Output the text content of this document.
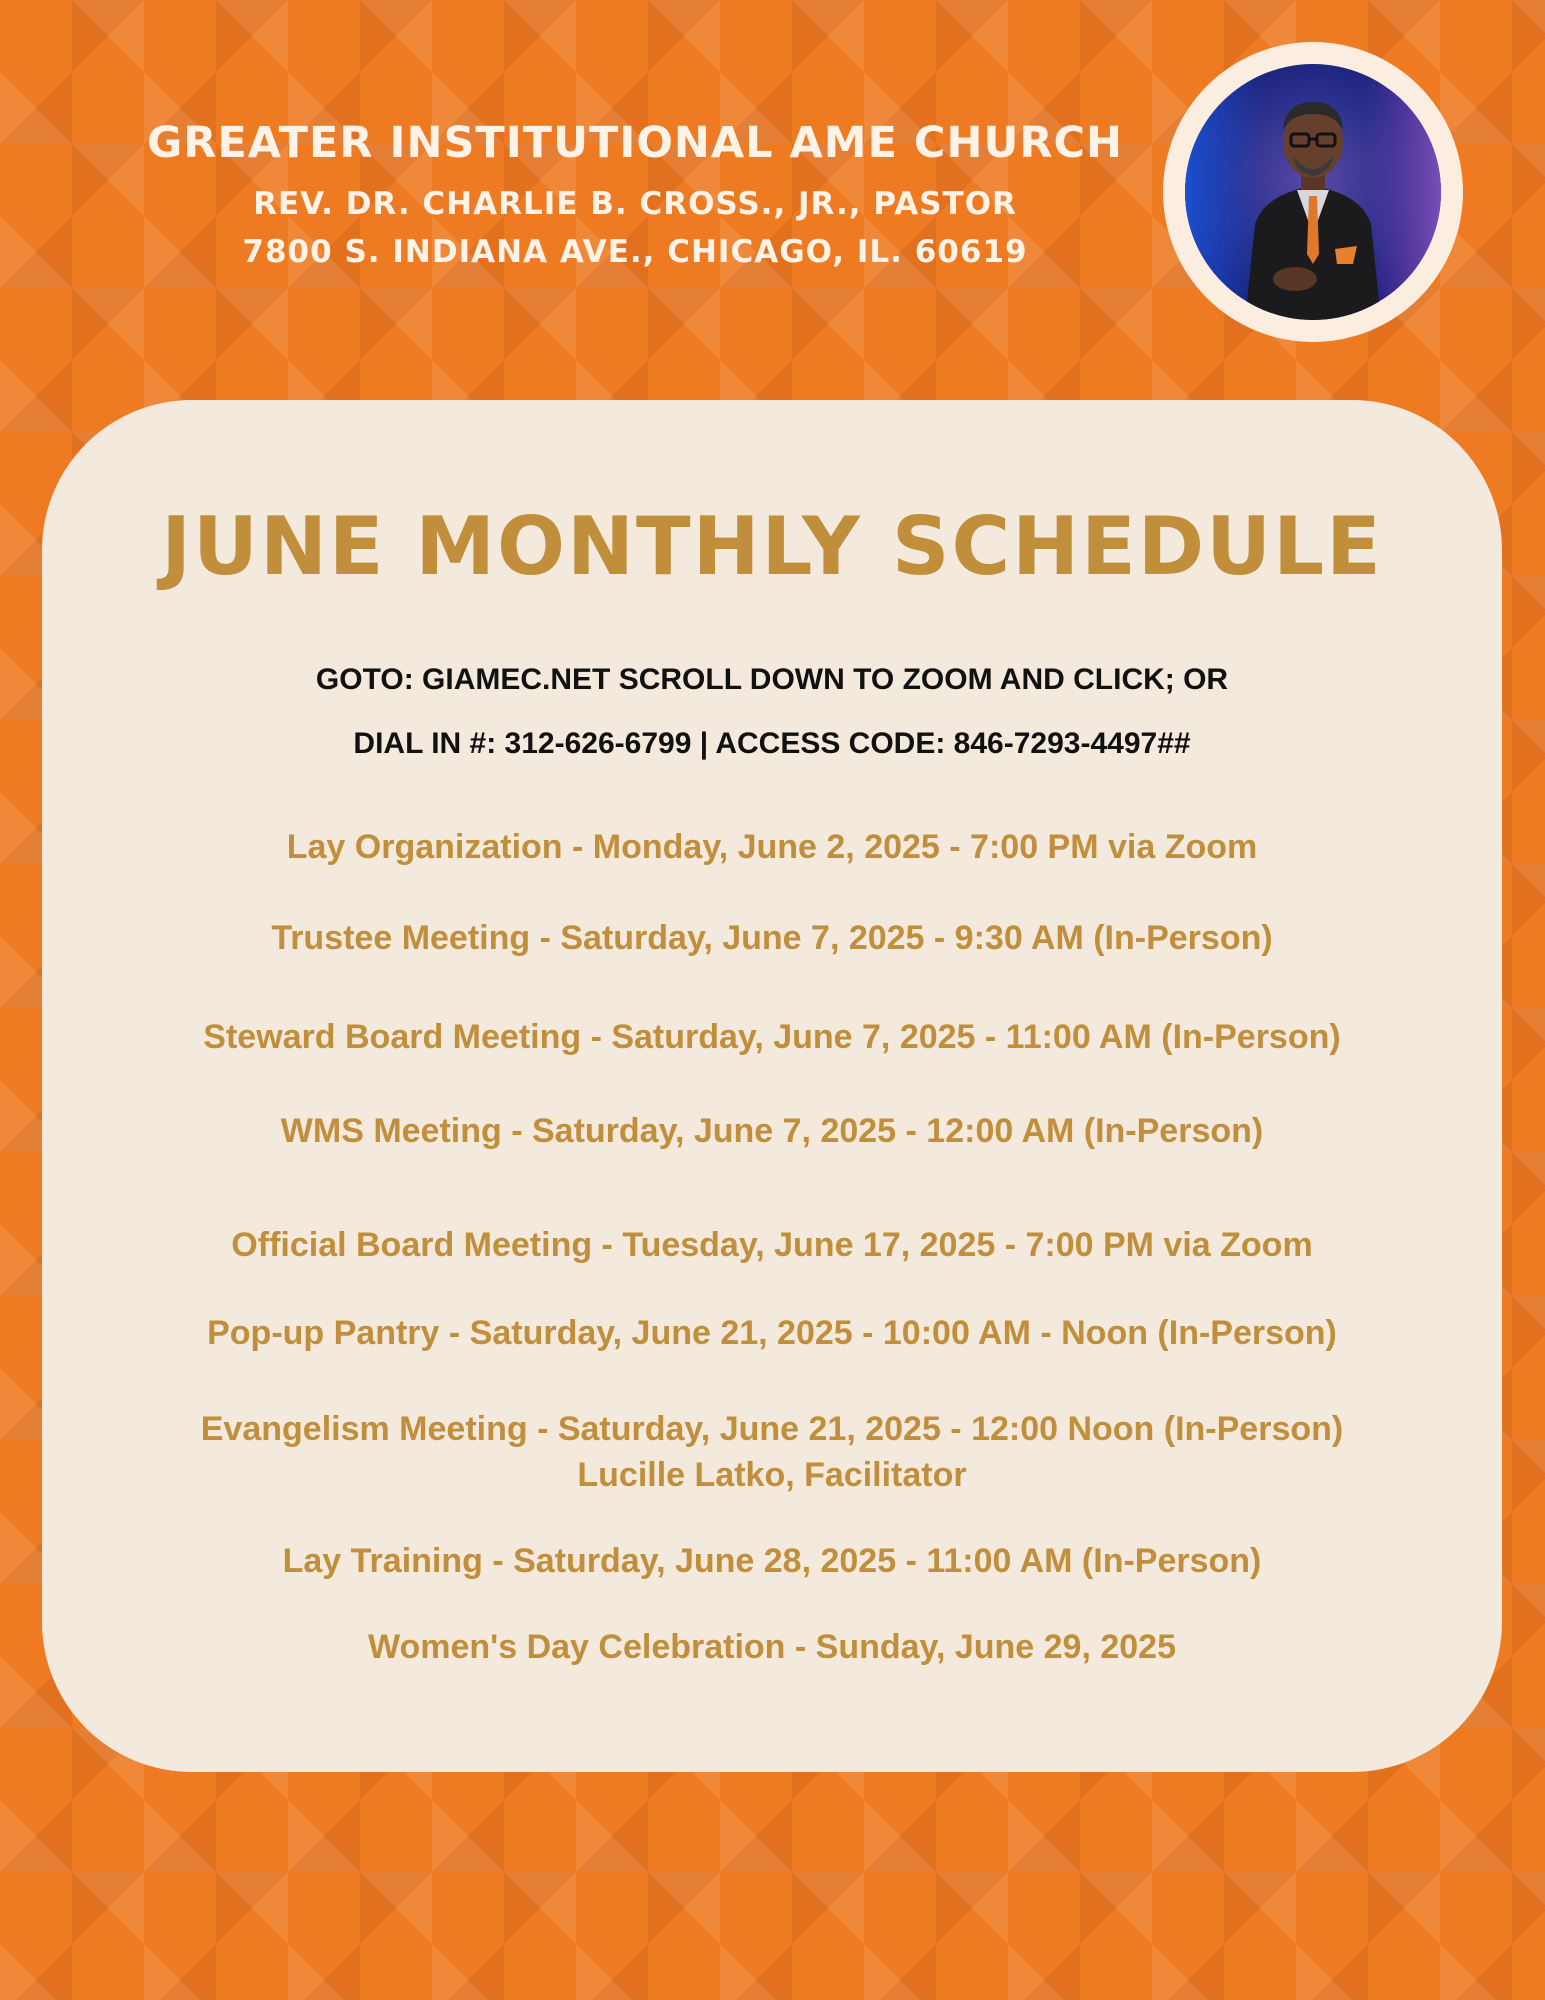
GREATER INSTITUTIONAL AME CHURCH
REV. DR. CHARLIE B. CROSS., JR., PASTOR
7800 S. INDIANA AVE., CHICAGO, IL. 60619
JUNE MONTHLY SCHEDULE
GOTO: GIAMEC.NET SCROLL DOWN TO ZOOM AND CLICK; OR
DIAL IN #: 312-626-6799 | ACCESS CODE: 846-7293-4497##
Lay Organization - Monday, June 2, 2025 - 7:00 PM via Zoom
Trustee Meeting - Saturday, June 7, 2025 - 9:30 AM (In-Person)
Steward Board Meeting - Saturday, June 7, 2025 - 11:00 AM (In-Person)
WMS Meeting - Saturday, June 7, 2025 - 12:00 AM (In-Person)
Official Board Meeting - Tuesday, June 17, 2025 - 7:00 PM via Zoom
Pop-up Pantry - Saturday, June 21, 2025 - 10:00 AM - Noon (In-Person)
Evangelism Meeting - Saturday, June 21, 2025 - 12:00 Noon (In-Person)
Lucille Latko, Facilitator
Lay Training - Saturday, June 28, 2025 - 11:00 AM (In-Person)
Women's Day Celebration - Sunday, June 29, 2025
